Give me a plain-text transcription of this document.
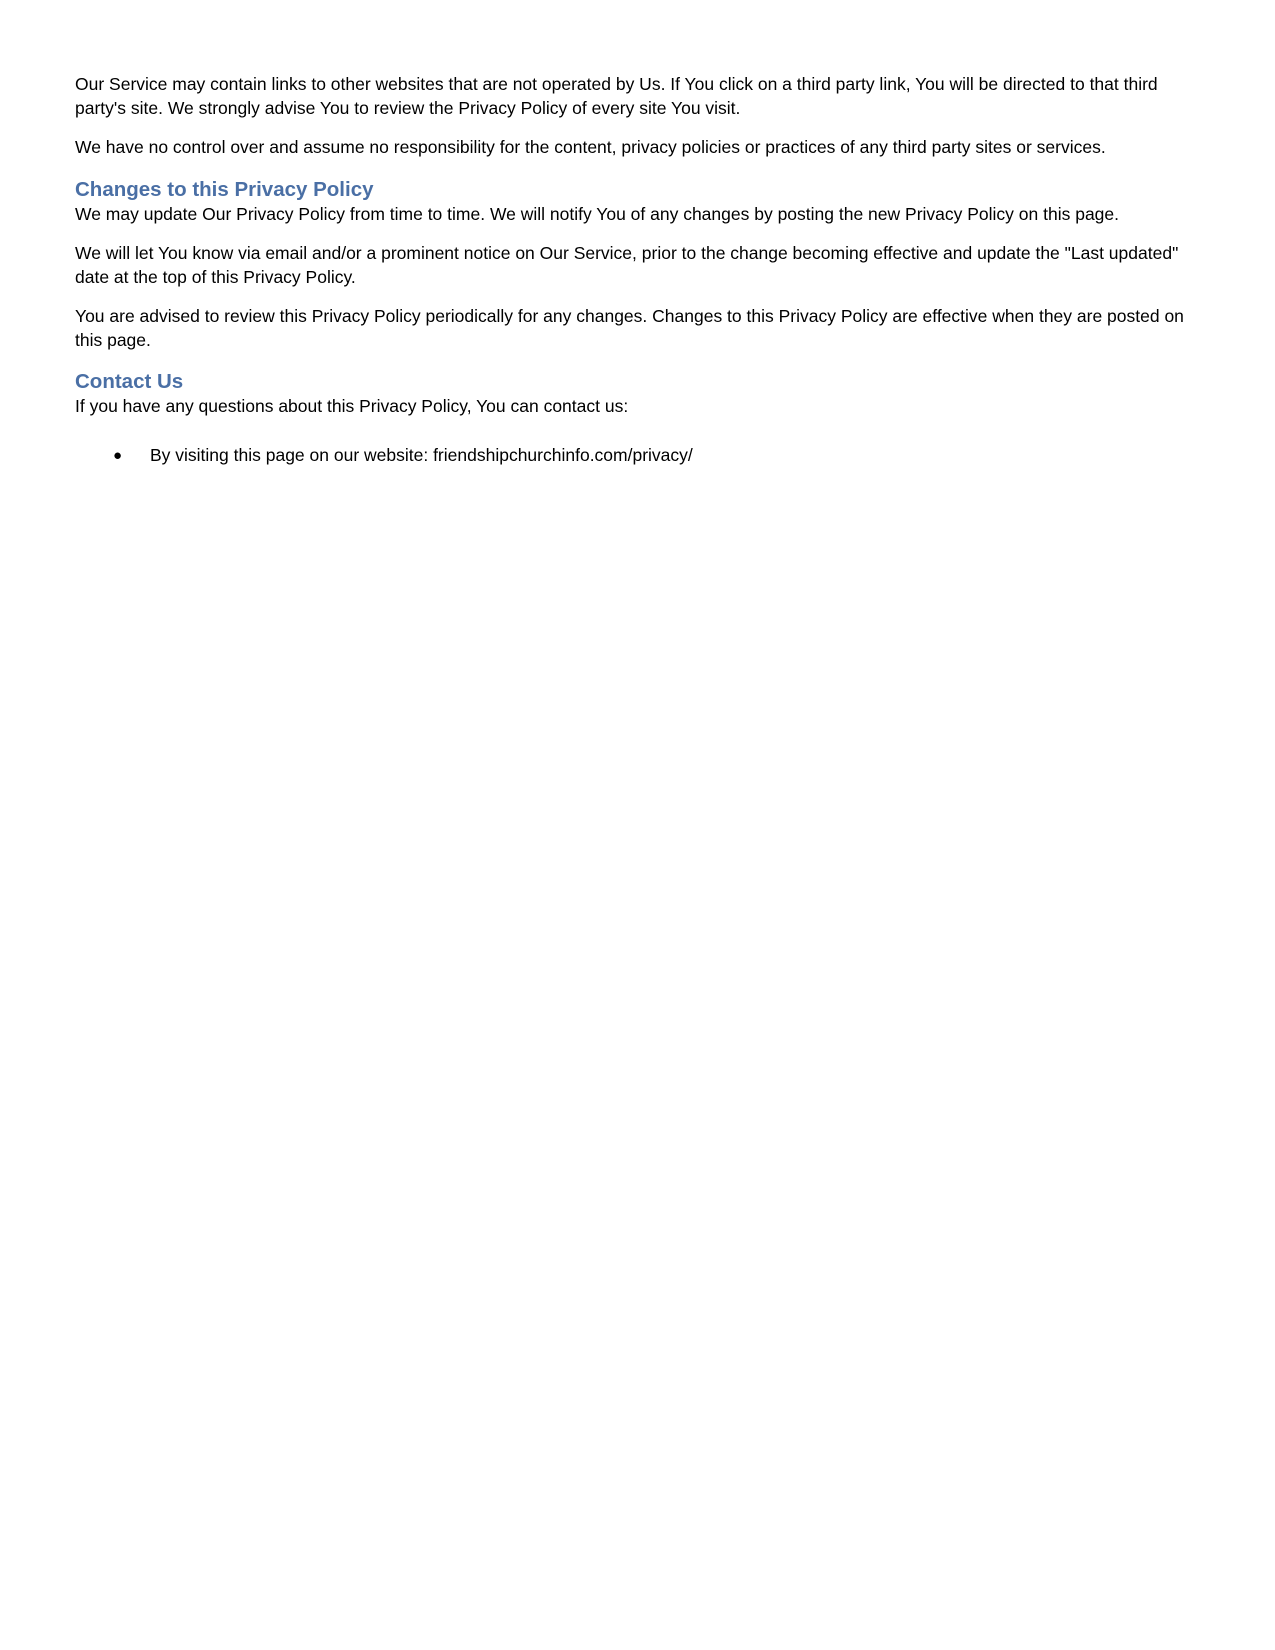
Our Service may contain links to other websites that are not operated by Us. If You click on a third party link, You will be directed to that third party's site. We strongly advise You to review the Privacy Policy of every site You visit.

We have no control over and assume no responsibility for the content, privacy policies or practices of any third party sites or services.

Changes to this Privacy Policy

We may update Our Privacy Policy from time to time. We will notify You of any changes by posting the new Privacy Policy on this page.

We will let You know via email and/or a prominent notice on Our Service, prior to the change becoming effective and update the "Last updated" date at the top of this Privacy Policy.

You are advised to review this Privacy Policy periodically for any changes. Changes to this Privacy Policy are effective when they are posted on this page.

Contact Us

If you have any questions about this Privacy Policy, You can contact us:

● By visiting this page on our website: friendshipchurchinfo.com/privacy/
